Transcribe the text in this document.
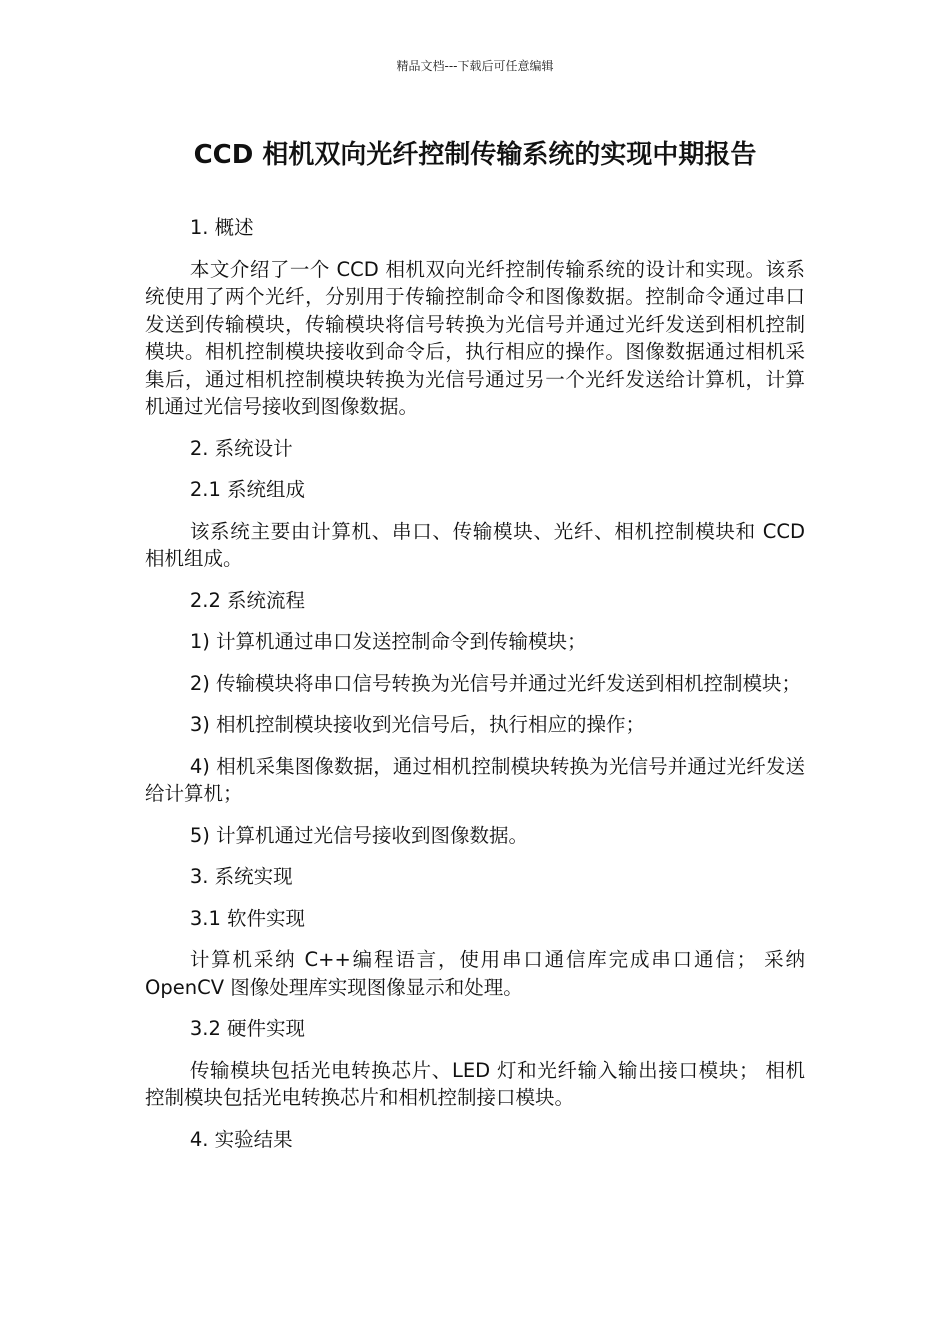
精品文档---下载后可任意编辑
CCD 相机双向光纤控制传输系统的实现中期报告

1. 概述

本文介绍了一个 CCD 相机双向光纤控制传输系统的设计和实现。该系统使用了两个光纤，分别用于传输控制命令和图像数据。控制命令通过串口发送到传输模块，传输模块将信号转换为光信号并通过光纤发送到相机控制模块。相机控制模块接收到命令后，执行相应的操作。图像数据通过相机采集后，通过相机控制模块转换为光信号通过另一个光纤发送给计算机，计算机通过光信号接收到图像数据。

2. 系统设计

2.1 系统组成

该系统主要由计算机、串口、传输模块、光纤、相机控制模块和 CCD 相机组成。

2.2 系统流程

1) 计算机通过串口发送控制命令到传输模块；

2) 传输模块将串口信号转换为光信号并通过光纤发送到相机控制模块；

3) 相机控制模块接收到光信号后，执行相应的操作；

4) 相机采集图像数据，通过相机控制模块转换为光信号并通过光纤发送给计算机；

5) 计算机通过光信号接收到图像数据。

3. 系统实现

3.1 软件实现

计算机采纳 C++编程语言，使用串口通信库完成串口通信； 采纳 OpenCV 图像处理库实现图像显示和处理。

3.2 硬件实现

传输模块包括光电转换芯片、LED 灯和光纤输入输出接口模块； 相机控制模块包括光电转换芯片和相机控制接口模块。

4. 实验结果
